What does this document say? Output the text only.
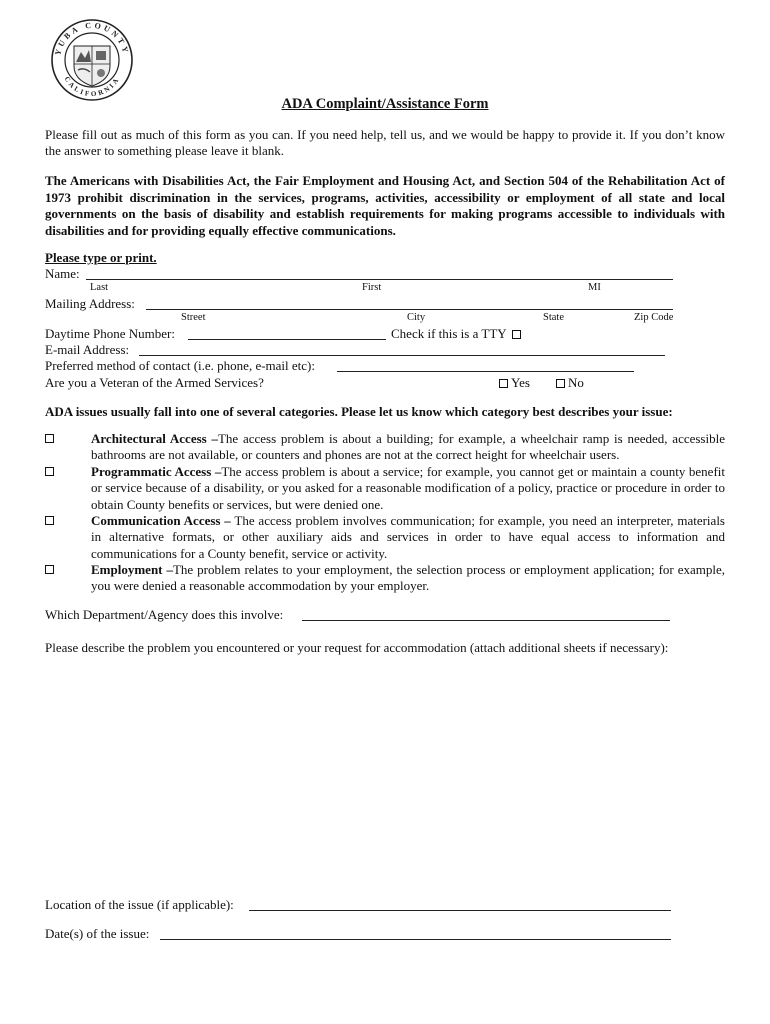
YUBA COUNTY
CALIFORNIA
ADA Complaint/Assistance Form
Please fill out as much of this form as you can. If you need help, tell us, and we would be happy to provide it. If you don’t know the answer to something please leave it blank.
The Americans with Disabilities Act, the Fair Employment and Housing Act, and Section 504 of the Rehabilitation Act of 1973 prohibit discrimination in the services, programs, activities, accessibility or employment of all state and local governments on the basis of disability and establish requirements for making programs accessible to individuals with disabilities and for providing equally effective communications.
Please type or print.
Name:
Last	First	MI
Mailing Address:
Street	City	State	Zip Code
Daytime Phone Number:	Check if this is a TTY
E-mail Address:
Preferred method of contact (i.e. phone, e-mail etc):
Are you a Veteran of the Armed Services?	Yes	No
ADA issues usually fall into one of several categories. Please let us know which category best describes your issue:
Architectural Access –The access problem is about a building; for example, a wheelchair ramp is needed, accessible bathrooms are not available, or counters and phones are not at the correct height for wheelchair users.
Programmatic Access –The access problem is about a service; for example, you cannot get or maintain a county benefit or service because of a disability, or you asked for a reasonable modification of a policy, practice or procedure in order to obtain County benefits or services, but were denied one.
Communication Access – The access problem involves communication; for example, you need an interpreter, materials in alternative formats, or other auxiliary aids and services in order to have equal access to information and communications for a County benefit, service or activity.
Employment –The problem relates to your employment, the selection process or employment application; for example, you were denied a reasonable accommodation by your employer.
Which Department/Agency does this involve:
Please describe the problem you encountered or your request for accommodation (attach additional sheets if necessary):
Location of the issue (if applicable):
Date(s) of the issue:
